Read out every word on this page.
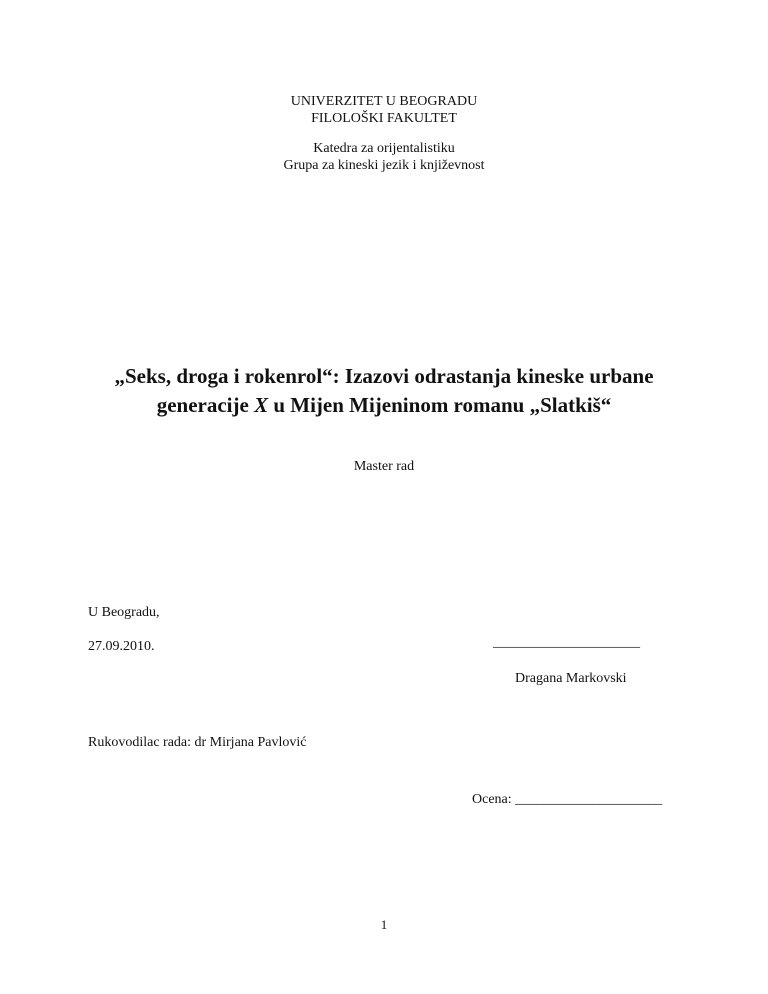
UNIVERZITET U BEOGRADU
FILOLOŠKI FAKULTET
Katedra za orijentalistiku
Grupa za kineski jezik i književnost
„Seks, droga i rokenrol“: Izazovi odrastanja kineske urbane
generacije X u Mijen Mijeninom romanu „Slatkiš“
Master rad
U Beogradu,
27.09.2010.	_____________________
Dragana Markovski
Rukovodilac rada: dr Mirjana Pavlović
Ocena: _____________________
1
